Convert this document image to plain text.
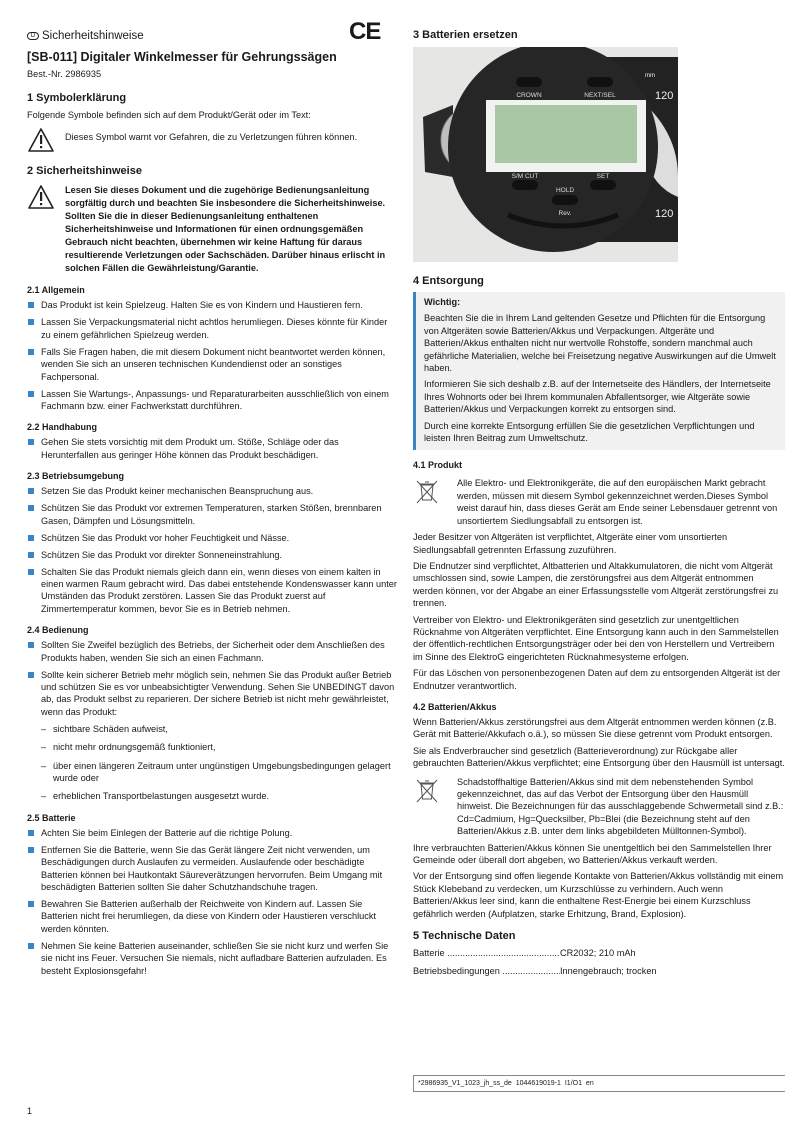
D Sicherheitshinweise	CE
[SB-011] Digitaler Winkelmesser für Gehrungssägen
Best.-Nr. 2986935
1 Symbolerklärung

Folgende Symbole befinden sich auf dem Produkt/Gerät oder im Text:

Dieses Symbol warnt vor Gefahren, die zu Verletzungen führen können.
2 Sicherheitshinweise
Lesen Sie dieses Dokument und die zugehörige Bedienungsanleitung sorgfältig durch und beachten Sie insbesondere die Sicherheitshinweise. Sollten Sie die in dieser Bedienungsanleitung enthaltenen Sicherheitshinweise und Informationen für einen ordnungsgemäßen Gebrauch nicht beachten, übernehmen wir keine Haftung für daraus resultierende Verletzungen oder Sachschäden. Darüber hinaus erlischt in solchen Fällen die Gewährleistung/Garantie.
2.1 Allgemein
Das Produkt ist kein Spielzeug. Halten Sie es von Kindern und Haustieren fern.
Lassen Sie Verpackungsmaterial nicht achtlos herumliegen. Dieses könnte für Kinder zu einem gefährlichen Spielzeug werden.
Falls Sie Fragen haben, die mit diesem Dokument nicht beantwortet werden können, wenden Sie sich an unseren technischen Kundendienst oder an sonstiges Fachpersonal.
Lassen Sie Wartungs-, Anpassungs- und Reparaturarbeiten ausschließlich von einem Fachmann bzw. einer Fachwerkstatt durchführen.
2.2 Handhabung
Gehen Sie stets vorsichtig mit dem Produkt um. Stöße, Schläge oder das Herunterfallen aus geringer Höhe können das Produkt beschädigen.
2.3 Betriebsumgebung
Setzen Sie das Produkt keiner mechanischen Beanspruchung aus.
Schützen Sie das Produkt vor extremen Temperaturen, starken Stößen, brennbaren Gasen, Dämpfen und Lösungsmitteln.
Schützen Sie das Produkt vor hoher Feuchtigkeit und Nässe.
Schützen Sie das Produkt vor direkter Sonneneinstrahlung.
Schalten Sie das Produkt niemals gleich dann ein, wenn dieses von einem kalten in einen warmen Raum gebracht wird. Das dabei entstehende Kondenswasser kann unter Umständen das Produkt zerstören. Lassen Sie das Produkt zuerst auf Zimmertemperatur kommen, bevor Sie es in Betrieb nehmen.
2.4 Bedienung
Sollten Sie Zweifel bezüglich des Betriebs, der Sicherheit oder dem Anschließen des Produkts haben, wenden Sie sich an einen Fachmann.
Sollte kein sicherer Betrieb mehr möglich sein, nehmen Sie das Produkt außer Betrieb und schützen Sie es vor unbeabsichtigter Verwendung. Sehen Sie UNBEDINGT davon ab, das Produkt selbst zu reparieren. Der sichere Betrieb ist nicht mehr gewährleistet, wenn das Produkt:
– sichtbare Schäden aufweist,
– nicht mehr ordnungsgemäß funktioniert,
– über einen längeren Zeitraum unter ungünstigen Umgebungsbedingungen gelagert wurde oder
– erheblichen Transportbelastungen ausgesetzt wurde.
2.5 Batterie
Achten Sie beim Einlegen der Batterie auf die richtige Polung.
Entfernen Sie die Batterie, wenn Sie das Gerät längere Zeit nicht verwenden, um Beschädigungen durch Auslaufen zu vermeiden. Auslaufende oder beschädigte Batterien können bei Hautkontakt Säureverätzungen hervorrufen. Beim Umgang mit beschädigten Batterien sollten Sie daher Schutzhandschuhe tragen.
Bewahren Sie Batterien außerhalb der Reichweite von Kindern auf. Lassen Sie Batterien nicht frei herumliegen, da diese von Kindern oder Haustieren verschluckt werden könnten.
Nehmen Sie keine Batterien auseinander, schließen Sie sie nicht kurz und werfen Sie sie nicht ins Feuer. Versuchen Sie niemals, nicht aufladbare Batterien aufzuladen. Es besteht Explosionsgefahr!
3 Batterien ersetzen
CROWN	NEXT/SEL
S/M CUT
HOLD
Rev.
SET
120
120
mm
4 Entsorgung
Wichtig:

Beachten Sie die in Ihrem Land geltenden Gesetze und Pflichten für die Entsorgung von Altgeräten sowie Batterien/Akkus und Verpackungen. Altgeräte und Batterien/Akkus enthalten nicht nur wertvolle Rohstoffe, sondern manchmal auch gefährliche Materialien, welche bei Freisetzung negative Auswirkungen auf die Umwelt haben.

Informieren Sie sich deshalb z.B. auf der Internetseite des Händlers, der Internetseite Ihres Wohnorts oder bei Ihrem kommunalen Abfallentsorger, wie Altgeräte sowie Batterien/Akkus und Verpackungen korrekt zu entsorgen sind.

Durch eine korrekte Entsorgung erfüllen Sie die gesetzlichen Verpflichtungen und leisten Ihren Beitrag zum Umweltschutz.

4.1 Produkt
Alle Elektro- und Elektronikgeräte, die auf den europäischen Markt gebracht werden, müssen mit diesem Symbol gekennzeichnet werden.Dieses Symbol weist darauf hin, dass dieses Gerät am Ende seiner Lebensdauer getrennt von unsortiertem Siedlungsabfall zu entsorgen ist.

Jeder Besitzer von Altgeräten ist verpflichtet, Altgeräte einer vom unsortierten Siedlungsabfall getrennten Erfassung zuzuführen.

Die Endnutzer sind verpflichtet, Altbatterien und Altakkumulatoren, die nicht vom Altgerät umschlossen sind, sowie Lampen, die zerstörungsfrei aus dem Altgerät entnommen werden können, vor der Abgabe an einer Erfassungsstelle vom Altgerät zerstörungsfrei zu trennen.

Vertreiber von Elektro- und Elektronikgeräten sind gesetzlich zur unentgeltlichen Rücknahme von Altgeräten verpflichtet. Eine Entsorgung kann auch in den Sammelstellen der öffentlich-rechtlichen Entsorgungsträger oder bei den von Herstellern und Vertreibern im Sinne des ElektroG eingerichteten Rücknahmesysteme erfolgen.

Für das Löschen von personenbezogenen Daten auf dem zu entsorgenden Altgerät ist der Endnutzer verantwortlich.

4.2 Batterien/Akkus

Wenn Batterien/Akkus zerstörungsfrei aus dem Altgerät entnommen werden können (z.B. Gerät mit Batterie/Akkufach o.ä.), so müssen Sie diese getrennt vom Produkt entsorgen.

Sie als Endverbraucher sind gesetzlich (Batterieverordnung) zur Rückgabe aller gebrauchten Batterien/Akkus verpflichtet; eine Entsorgung über den Hausmüll ist untersagt.

Schadstoffhaltige Batterien/Akkus sind mit dem nebenstehenden Symbol gekennzeichnet, das auf das Verbot der Entsorgung über den Hausmüll hinweist. Die Bezeichnungen für das ausschlaggebende Schwermetall sind z.B.: Cd=Cadmium, Hg=Quecksilber, Pb=Blei (die Bezeichnung steht auf den Batterien/Akkus z.B. unter dem links abgebildeten Mülltonnen-Symbol).

Ihre verbrauchten Batterien/Akkus können Sie unentgeltlich bei den Sammelstellen Ihrer Gemeinde oder überall dort abgeben, wo Batterien/Akkus verkauft werden.

Vor der Entsorgung sind offen liegende Kontakte von Batterien/Akkus vollständig mit einem Stück Klebeband zu verdecken, um Kurzschlüsse zu verhindern. Auch wenn Batterien/Akkus leer sind, kann die enthaltene Rest-Energie bei einem Kurzschluss gefährlich werden (Aufplatzen, starke Erhitzung, Brand, Explosion).

5 Technische Daten
Batterie .....	CR2032; 210 mAh
Betriebsbedingungen .....	Innengebrauch; trocken
*2986935_V1_1023_jh_ss_de 1044619019-1 I1/O1 en
1
